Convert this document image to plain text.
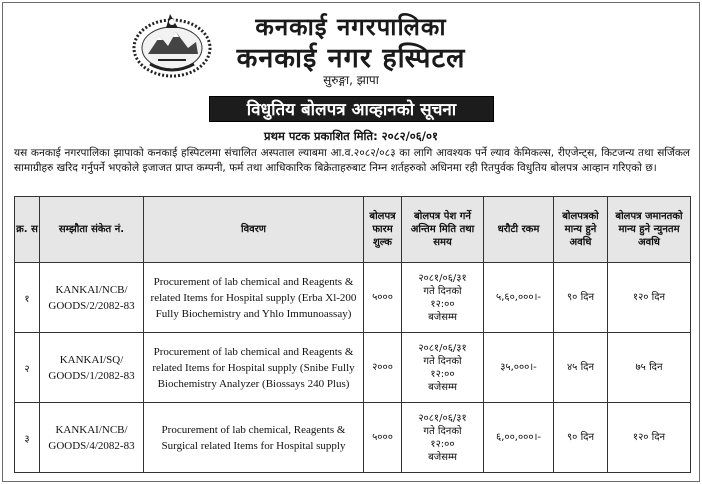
कनकाई नगरपालिका
कनकाई नगर हस्पिटल
सुरुङ्गा, झापा
विधुतिय बोलपत्र आव्हानको सूचना
प्रथम पटक प्रकाशित मिति: २०८२/०६/०१
यस कनकाई नगरपालिका झापाको कनकाई हस्पिटलमा संचालित अस्पताल ल्याबमा आ.व.२०८२/०८३ का लागि आवश्यक पर्ने ल्याव केमिकल्स, रीएजेन्ट्स, किटजन्य तथा सर्जिकल सामाग्रीहरु खरिद गर्नुपर्ने भएकोले इजाजत प्राप्त कम्पनी, फर्म तथा आधिकारिक बिक्रेताहरुबाट निम्न शर्तहरुको अधिनमा रही रितपुर्वक विधुतिय बोलपत्र आव्हान गरिएको छ।
क्र. स	सम्झौता संकेत नं.	विवरण	बोलपत्र फारम शुल्क	बोलपत्र पेश गर्ने अन्तिम मिति तथा समय	धरौटी रकम	बोलपत्रको मान्य हुने अवधि	बोलपत्र जमानतको मान्य हुने न्युनतम अवधि
१	KANKAI/NCB/ GOODS/2/2082-83	Procurement of lab chemical and Reagents & related Items for Hospital supply (Erba Xl-200 Fully Biochemistry and Yhlo Immunoassay)	५०००	२०८१/०६/३१
गते दिनको
१२:००
बजेसम्म	५,६०,०००।-	९० दिन	१२० दिन
२	KANKAI/SQ/ GOODS/1/2082-83	Procurement of lab chemical and Reagents & related Items for Hospital supply (Snibe Fully Biochemistry Analyzer (Biossays 240 Plus)	२०००	२०८१/०६/३१
गते दिनको
१२:००
बजेसम्म	३५,०००।-	४५ दिन	७५ दिन
३	KANKAI/NCB/ GOODS/4/2082-83	Procurement of lab chemical, Reagents & Surgical related Items for Hospital supply	५०००	२०८१/०६/३१
गते दिनको
१२:००
बजेसम्म	६,००,०००।-	९० दिन	१२० दिन
